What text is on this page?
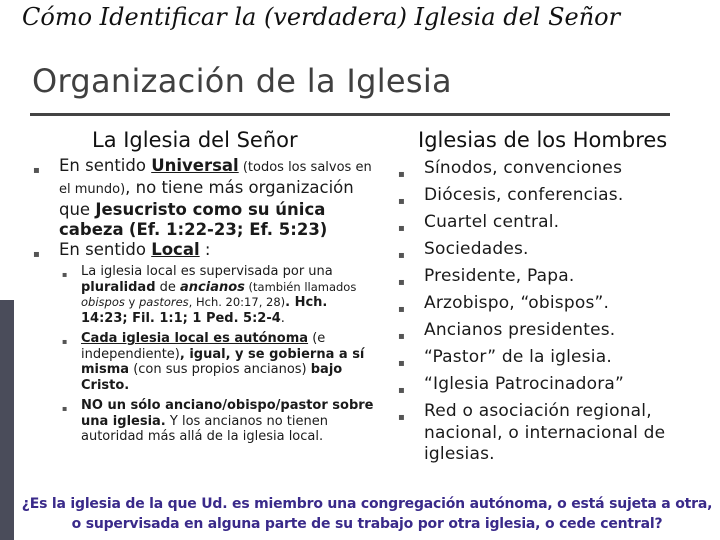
Cómo Identificar la (verdadera) Iglesia del Señor
Organización de la Iglesia
La Iglesia del Señor	Iglesias de los Hombres
▪ En sentido Universal (todos los salvos en el mundo), no tiene más organización que Jesucristo como su única cabeza (Ef. 1:22-23; Ef. 5:23)
▪ En sentido Local :
▪ La iglesia local es supervisada por una pluralidad de ancianos (también llamados obispos y pastores, Hch. 20:17, 28). Hch. 14:23; Fil. 1:1; 1 Ped. 5:2-4.
▪ Cada iglesia local es autónoma (e independiente), igual, y se gobierna a sí misma (con sus propios ancianos) bajo Cristo.
▪ NO un sólo anciano/obispo/pastor sobre una iglesia. Y los ancianos no tienen autoridad más allá de la iglesia local.
▪ Sínodos, convenciones
▪ Diócesis, conferencias.
▪ Cuartel central.
▪ Sociedades.
▪ Presidente, Papa.
▪ Arzobispo, “obispos”.
▪ Ancianos presidentes.
▪ “Pastor” de la iglesia.
▪ “Iglesia Patrocinadora”
▪ Red o asociación regional, nacional, o internacional de iglesias.
¿Es la iglesia de la que Ud. es miembro una congregación autónoma, o está sujeta a otra, o supervisada en alguna parte de su trabajo por otra iglesia, o cede central?
